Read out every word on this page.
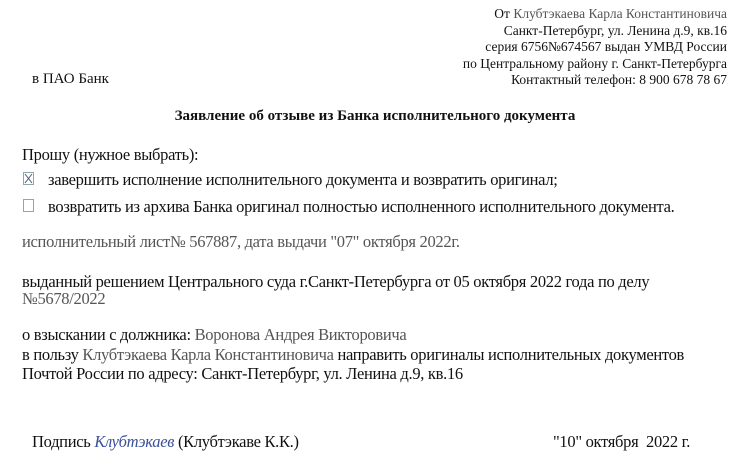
От Клубтэкаева Карла Константиновича
Санкт-Петербург, ул. Ленина д.9, кв.16
серия 6756№674567 выдан УМВД России
по Центральному району г. Санкт-Петербурга
Контактный телефон: 8 900 678 78 67
в ПАО Банк
Заявление об отзыве из Банка исполнительного документа
Прошу (нужное выбрать):
завершить исполнение исполнительного документа и возвратить оригинал;
возвратить из архива Банка оригинал полностью исполненного исполнительного документа.
исполнительный лист№ 567887, дата выдачи "07" октября 2022г.
выданный решением Центрального суда г.Санкт-Петербурга от 05 октября 2022 года по делу
№5678/2022
о взыскании с должника: Воронова Андрея Викторовича
в пользу Клубтэкаева Карла Константиновича направить оригиналы исполнительных документов
Почтой России по адресу: Санкт-Петербург, ул. Ленина д.9, кв.16
Подпись Клубтэкаев (Клубтэкаве К.К.)	"10" октября  2022 г.
